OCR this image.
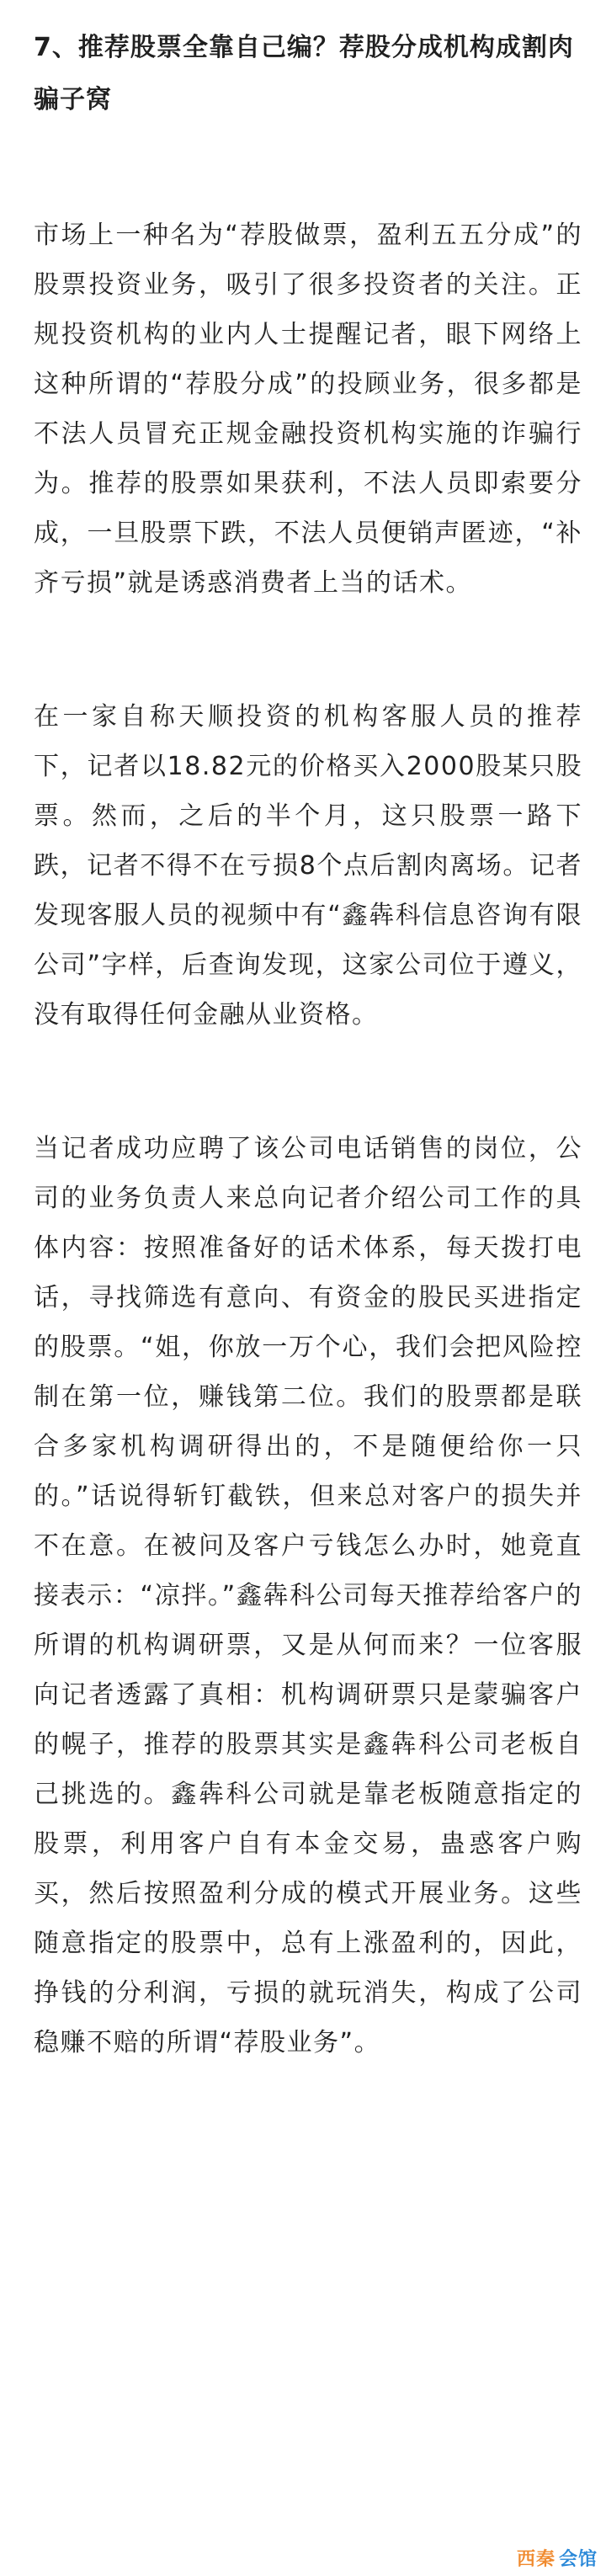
7、推荐股票全靠自己编？荐股分成机构成割肉骗子窝

市场上一种名为“荐股做票，盈利五五分成”的股票投资业务，吸引了很多投资者的关注。正规投资机构的业内人士提醒记者，眼下网络上这种所谓的“荐股分成”的投顾业务，很多都是不法人员冒充正规金融投资机构实施的诈骗行为。推荐的股票如果获利，不法人员即索要分成，一旦股票下跌，不法人员便销声匿迹，“补齐亏损”就是诱惑消费者上当的话术。

在一家自称天顺投资的机构客服人员的推荐下，记者以18.82元的价格买入2000股某只股票。然而，之后的半个月，这只股票一路下跌，记者不得不在亏损8个点后割肉离场。记者发现客服人员的视频中有“鑫犇科信息咨询有限公司”字样，后查询发现，这家公司位于遵义，没有取得任何金融从业资格。

当记者成功应聘了该公司电话销售的岗位，公司的业务负责人来总向记者介绍公司工作的具体内容：按照准备好的话术体系，每天拨打电话，寻找筛选有意向、有资金的股民买进指定的股票。“姐，你放一万个心，我们会把风险控制在第一位，赚钱第二位。我们的股票都是联合多家机构调研得出的，不是随便给你一只的。”话说得斩钉截铁，但来总对客户的损失并不在意。在被问及客户亏钱怎么办时，她竟直接表示：“凉拌。”鑫犇科公司每天推荐给客户的所谓的机构调研票，又是从何而来？一位客服向记者透露了真相：机构调研票只是蒙骗客户的幌子，推荐的股票其实是鑫犇科公司老板自己挑选的。鑫犇科公司就是靠老板随意指定的股票，利用客户自有本金交易，蛊惑客户购买，然后按照盈利分成的模式开展业务。这些随意指定的股票中，总有上涨盈利的，因此，挣钱的分利润，亏损的就玩消失，构成了公司稳赚不赔的所谓“荐股业务”。

西秦 会馆
